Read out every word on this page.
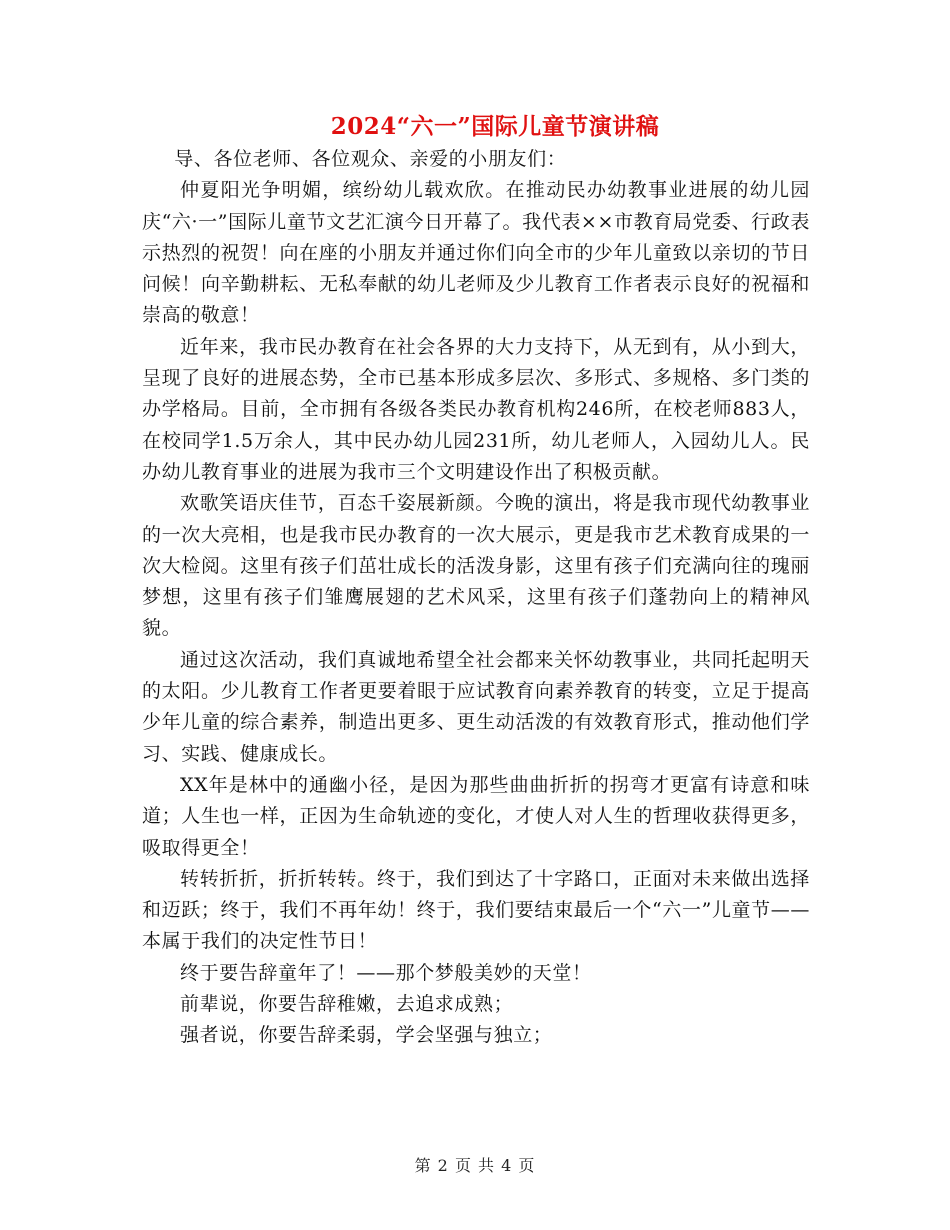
2024“六一”国际儿童节演讲稿

导、各位老师、各位观众、亲爱的小朋友们：

仲夏阳光争明媚，缤纷幼儿载欢欣。在推动民办幼教事业进展的幼儿园庆“六·一”国际儿童节文艺汇演今日开幕了。我代表××市教育局党委、行政表示热烈的祝贺！向在座的小朋友并通过你们向全市的少年儿童致以亲切的节日问候！向辛勤耕耘、无私奉献的幼儿老师及少儿教育工作者表示良好的祝福和崇高的敬意！

近年来，我市民办教育在社会各界的大力支持下，从无到有，从小到大，呈现了良好的进展态势，全市已基本形成多层次、多形式、多规格、多门类的办学格局。目前，全市拥有各级各类民办教育机构246所，在校老师883人，在校同学1.5万余人，其中民办幼儿园231所，幼儿老师人，入园幼儿人。民办幼儿教育事业的进展为我市三个文明建设作出了积极贡献。

欢歌笑语庆佳节，百态千姿展新颜。今晚的演出，将是我市现代幼教事业的一次大亮相，也是我市民办教育的一次大展示，更是我市艺术教育成果的一次大检阅。这里有孩子们茁壮成长的活泼身影，这里有孩子们充满向往的瑰丽梦想，这里有孩子们雏鹰展翅的艺术风采，这里有孩子们蓬勃向上的精神风貌。

通过这次活动，我们真诚地希望全社会都来关怀幼教事业，共同托起明天的太阳。少儿教育工作者更要着眼于应试教育向素养教育的转变，立足于提高少年儿童的综合素养，制造出更多、更生动活泼的有效教育形式，推动他们学习、实践、健康成长。

XX年是林中的通幽小径，是因为那些曲曲折折的拐弯才更富有诗意和味道；人生也一样，正因为生命轨迹的变化，才使人对人生的哲理收获得更多，吸取得更全！

转转折折，折折转转。终于，我们到达了十字路口，正面对未来做出选择和迈跃；终于，我们不再年幼！终于，我们要结束最后一个“六一”儿童节——本属于我们的决定性节日！

终于要告辞童年了！——那个梦般美妙的天堂！

前辈说，你要告辞稚嫩，去追求成熟；

强者说，你要告辞柔弱，学会坚强与独立；

第 2 页 共 4 页
